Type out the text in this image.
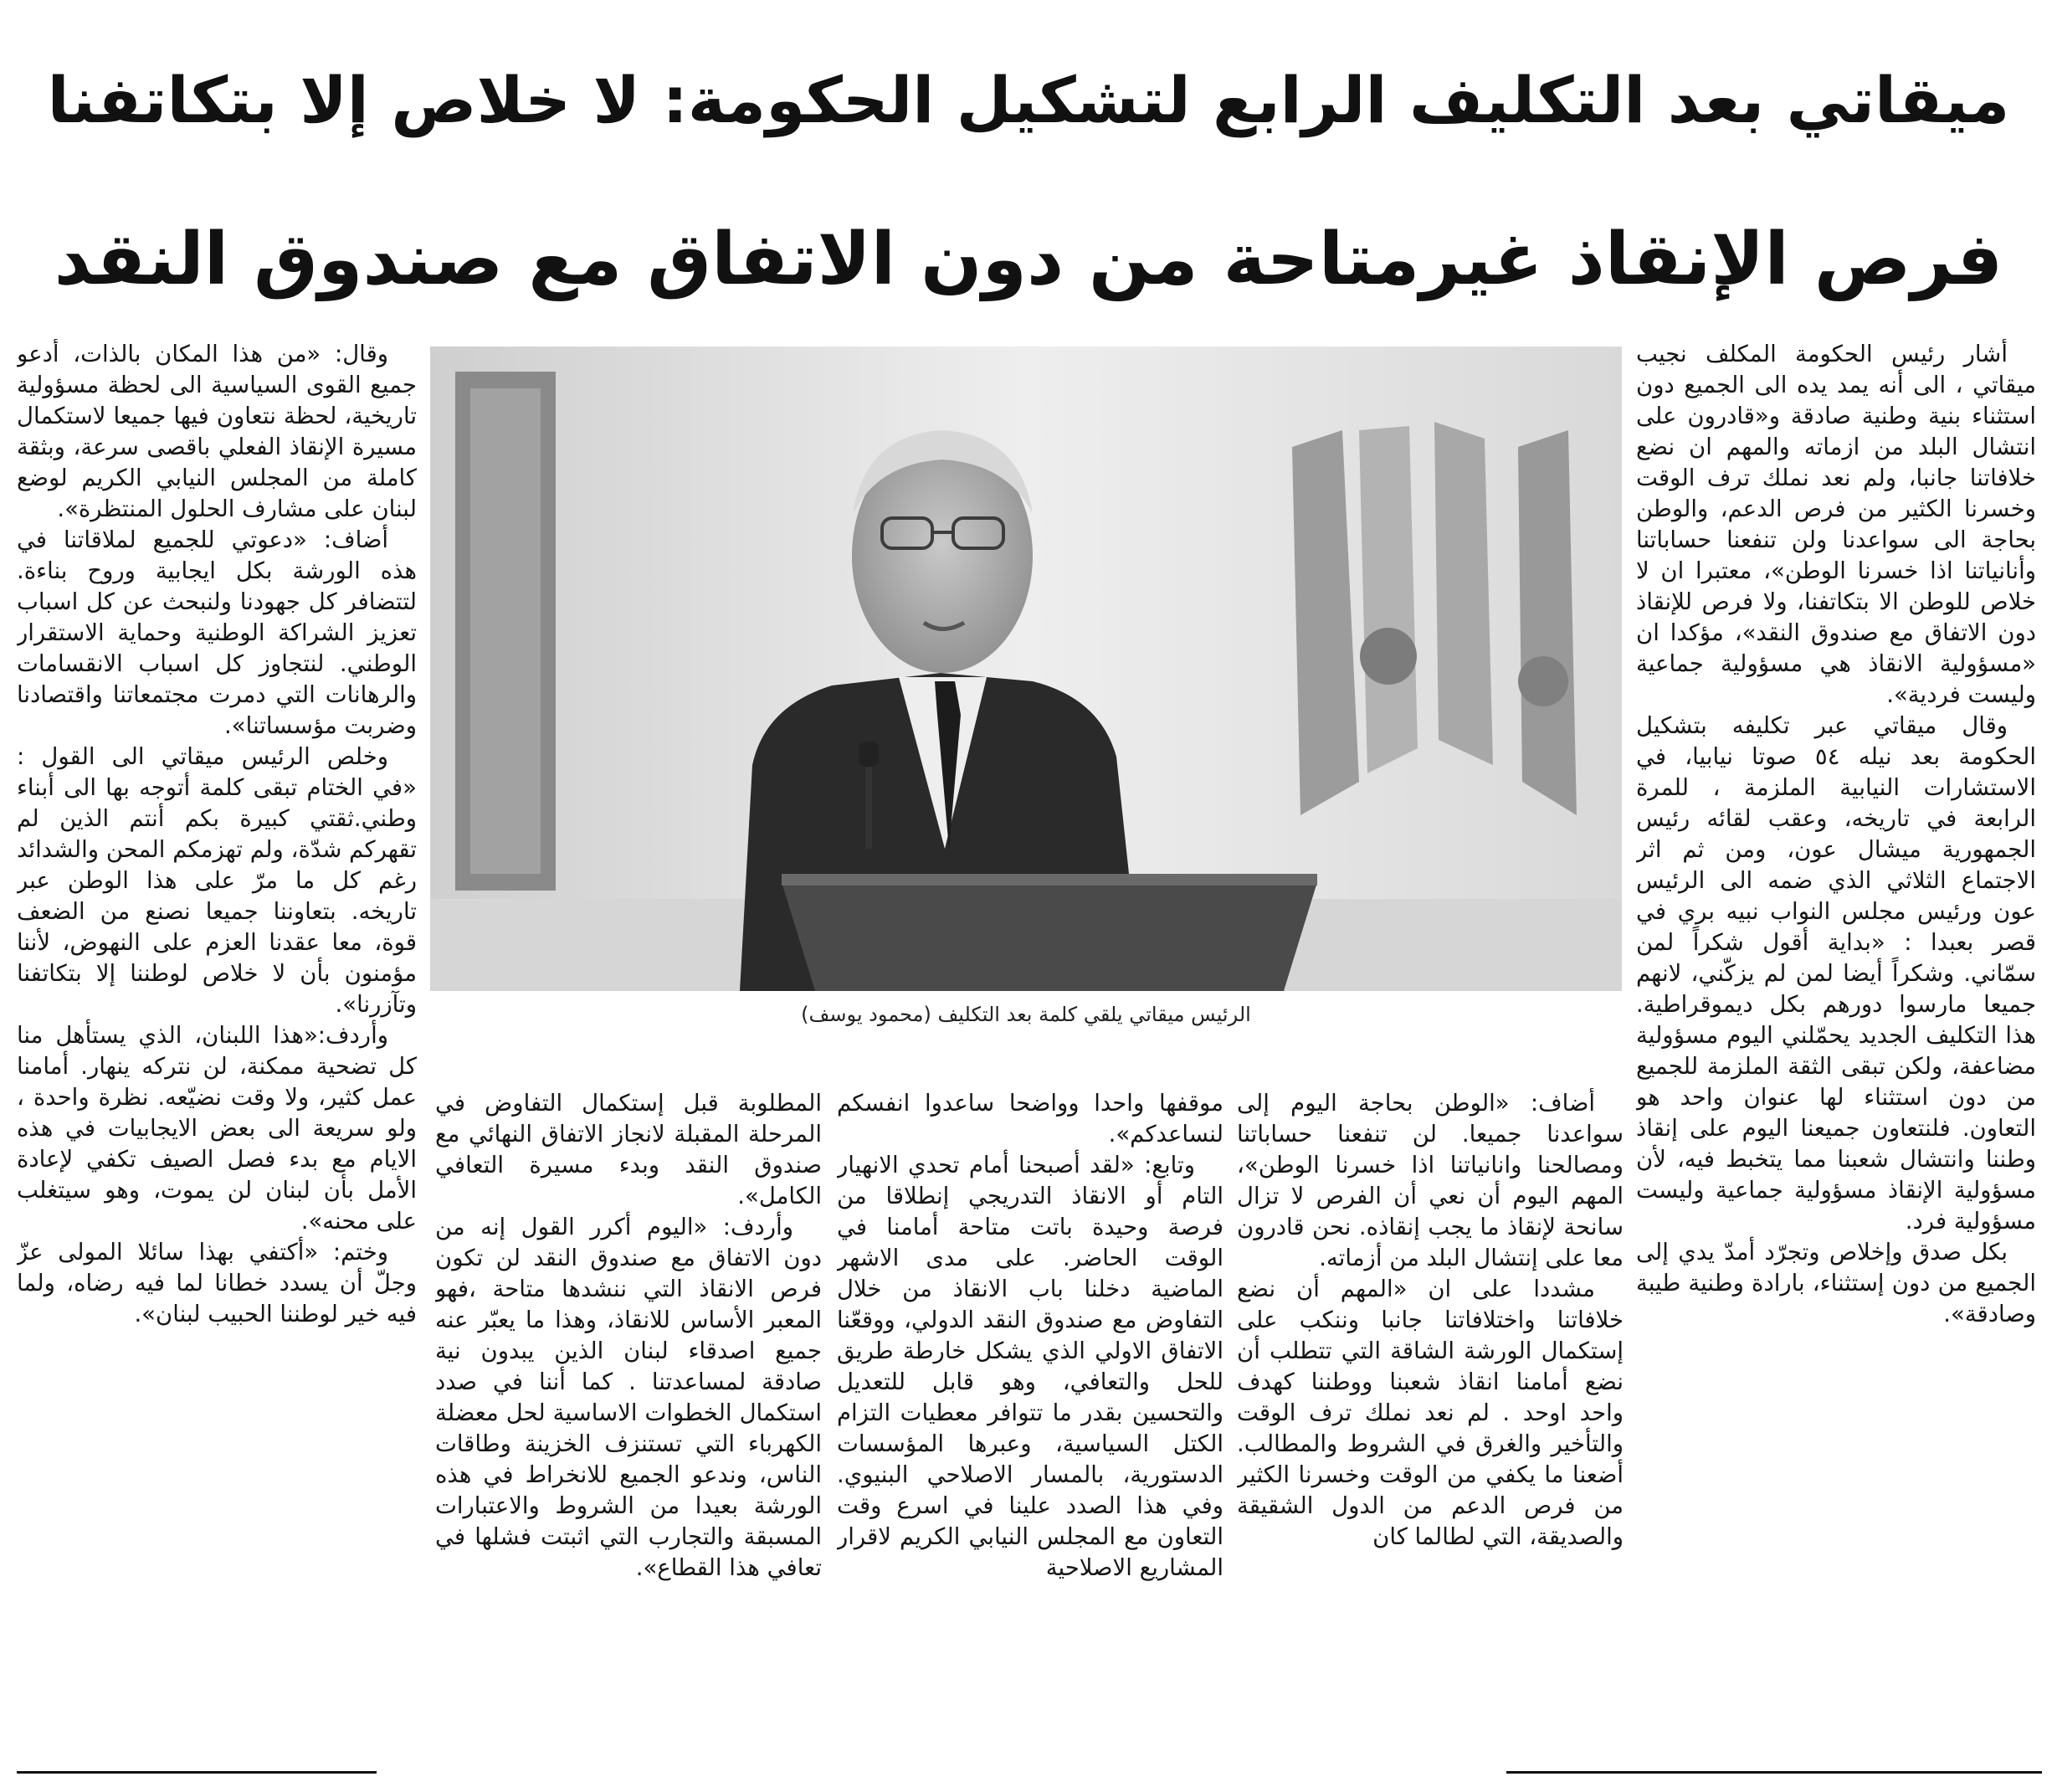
ميقاتي بعد التكليف الرابع لتشكيل الحكومة: لا خلاص إلا بتكاتفنا
فرص الإنقاذ غيرمتاحة من دون الاتفاق مع صندوق النقد

أشار رئيس الحكومة المكلف نجيب ميقاتي ، الى أنه يمد يده الى الجميع دون استثناء بنية وطنية صادقة و«قادرون على انتشال البلد من ازماته والمهم ان نضع خلافاتنا جانبا، ولم نعد نملك ترف الوقت وخسرنا الكثير من فرص الدعم، والوطن بحاجة الى سواعدنا ولن تنفعنا حساباتنا وأنانياتنا اذا خسرنا الوطن»، معتبرا ان لا خلاص للوطن الا بتكاتفنا، ولا فرص للإنقاذ دون الاتفاق مع صندوق النقد»، مؤكدا ان «مسؤولية الانقاذ هي مسؤولية جماعية وليست فردية».

وقال ميقاتي عبر تكليفه بتشكيل الحكومة بعد نيله ٥٤ صوتا نيابيا، في الاستشارات النيابية الملزمة ، للمرة الرابعة في تاريخه، وعقب لقائه رئيس الجمهورية ميشال عون، ومن ثم اثر الاجتماع الثلاثي الذي ضمه الى الرئيس عون ورئيس مجلس النواب نبيه بري في قصر بعبدا : «بداية أقول شكراً لمن سمّاني. وشكراً أيضا لمن لم يزكّني، لانهم جميعا مارسوا دورهم بكل ديموقراطية. هذا التكليف الجديد يحمّلني اليوم مسؤولية مضاعفة، ولكن تبقى الثقة الملزمة للجميع من دون استثناء لها عنوان واحد هو التعاون. فلنتعاون جميعنا اليوم على إنقاذ وطننا وانتشال شعبنا مما يتخبط فيه، لأن مسؤولية الإنقاذ مسؤولية جماعية وليست مسؤولية فرد.

بكل صدق وإخلاص وتجرّد أمدّ يدي إلى الجميع من دون إستثناء، بارادة وطنية طيبة وصادقة».

الرئيس ميقاتي يلقي كلمة بعد التكليف (محمود يوسف)

أضاف: «الوطن بحاجة اليوم إلى سواعدنا جميعا. لن تنفعنا حساباتنا ومصالحنا وانانياتنا اذا خسرنا الوطن»، المهم اليوم أن نعي أن الفرص لا تزال سانحة لإنقاذ ما يجب إنقاذه. نحن قادرون معا على إنتشال البلد من أزماته.

مشددا على ان «المهم أن نضع خلافاتنا واختلافاتنا جانبا وننكب على إستكمال الورشة الشاقة التي تتطلب أن نضع أمامنا انقاذ شعبنا ووطننا كهدف واحد اوحد . لم نعد نملك ترف الوقت والتأخير والغرق في الشروط والمطالب. أضعنا ما يكفي من الوقت وخسرنا الكثير من فرص الدعم من الدول الشقيقة والصديقة، التي لطالما كان

موقفها واحدا وواضحا ساعدوا انفسكم لنساعدكم».

وتابع: «لقد أصبحنا أمام تحدي الانهيار التام أو الانقاذ التدريجي إنطلاقا من فرصة وحيدة باتت متاحة أمامنا في الوقت الحاضر. على مدى الاشهر الماضية دخلنا باب الانقاذ من خلال التفاوض مع صندوق النقد الدولي، ووقعّنا الاتفاق الاولي الذي يشكل خارطة طريق للحل والتعافي، وهو قابل للتعديل والتحسين بقدر ما تتوافر معطيات التزام الكتل السياسية، وعبرها المؤسسات الدستورية، بالمسار الاصلاحي البنيوي. وفي هذا الصدد علينا في اسرع وقت التعاون مع المجلس النيابي الكريم لاقرار المشاريع الاصلاحية

المطلوبة قبل إستكمال التفاوض في المرحلة المقبلة لانجاز الاتفاق النهائي مع صندوق النقد وبدء مسيرة التعافي الكامل».

وأردف: «اليوم أكرر القول إنه من دون الاتفاق مع صندوق النقد لن تكون فرص الانقاذ التي ننشدها متاحة ،فهو المعبر الأساس للانقاذ، وهذا ما يعبّر عنه جميع اصدقاء لبنان الذين يبدون نية صادقة لمساعدتنا . كما أننا في صدد استكمال الخطوات الاساسية لحل معضلة الكهرباء التي تستنزف الخزينة وطاقات الناس، وندعو الجميع للانخراط في هذه الورشة بعيدا من الشروط والاعتبارات المسبقة والتجارب التي اثبتت فشلها في تعافي هذا القطاع».

وقال: «من هذا المكان بالذات، أدعو جميع القوى السياسية الى لحظة مسؤولية تاريخية، لحظة نتعاون فيها جميعا لاستكمال مسيرة الإنقاذ الفعلي باقصى سرعة، وبثقة كاملة من المجلس النيابي الكريم لوضع لبنان على مشارف الحلول المنتظرة».

أضاف: «دعوتي للجميع لملاقاتنا في هذه الورشة بكل ايجابية وروح بناءة. لتتضافر كل جهودنا ولنبحث عن كل اسباب تعزيز الشراكة الوطنية وحماية الاستقرار الوطني. لنتجاوز كل اسباب الانقسامات والرهانات التي دمرت مجتمعاتنا واقتصادنا وضربت مؤسساتنا».

وخلص الرئيس ميقاتي الى القول : «في الختام تبقى كلمة أتوجه بها الى أبناء وطني.ثقتي كبيرة بكم أنتم الذين لم تقهركم شدّة، ولم تهزمكم المحن والشدائد رغم كل ما مرّ على هذا الوطن عبر تاريخه. بتعاوننا جميعا نصنع من الضعف قوة، معا عقدنا العزم على النهوض، لأننا مؤمنون بأن لا خلاص لوطننا إلا بتكاتفنا وتآزرنا».

وأردف:«هذا اللبنان، الذي يستأهل منا كل تضحية ممكنة، لن نتركه ينهار. أمامنا عمل كثير، ولا وقت نضيّعه. نظرة واحدة ، ولو سريعة الى بعض الايجابيات في هذه الايام مع بدء فصل الصيف تكفي لإعادة الأمل بأن لبنان لن يموت، وهو سيتغلب على محنه».

وختم: «أكتفي بهذا سائلا المولى عزّ وجلّ أن يسدد خطانا لما فيه رضاه، ولما فيه خير لوطننا الحبيب لبنان».
